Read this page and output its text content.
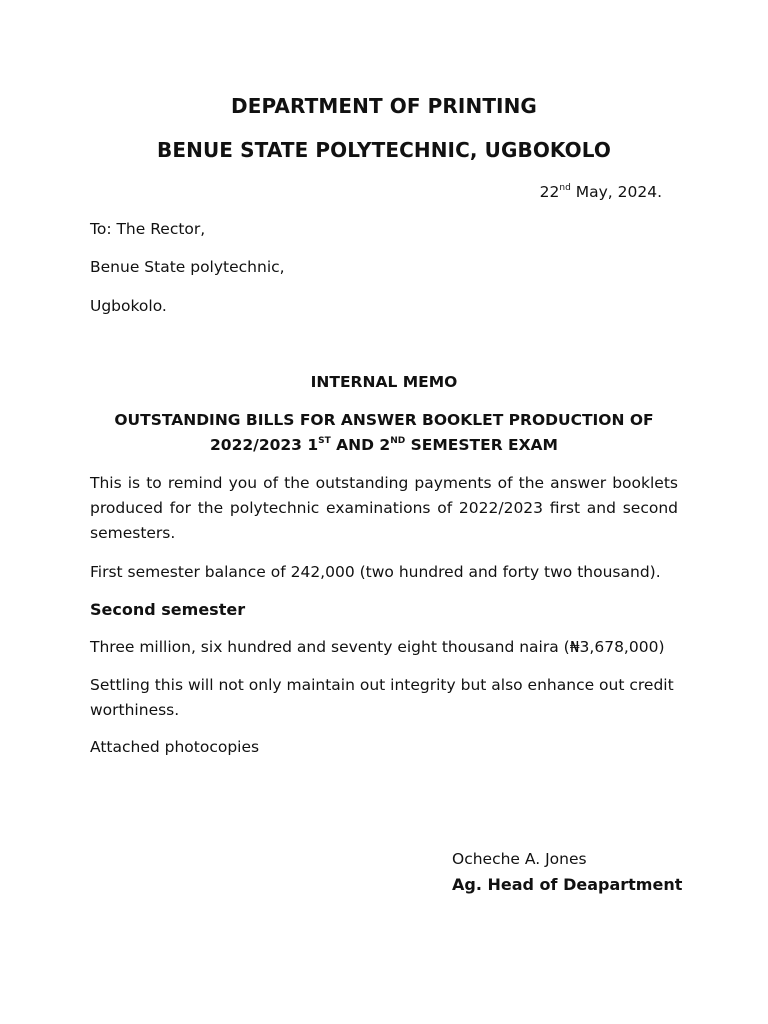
DEPARTMENT OF PRINTING
BENUE STATE POLYTECHNIC, UGBOKOLO
22nd May, 2024.
To: The Rector,
Benue State polytechnic,
Ugbokolo.
INTERNAL MEMO
OUTSTANDING BILLS FOR ANSWER BOOKLET PRODUCTION OF 2022/2023 1ST AND 2ND SEMESTER EXAM
This is to remind you of the outstanding payments of the answer booklets produced for the polytechnic examinations of 2022/2023 first and second semesters.
First semester balance of 242,000 (two hundred and forty two thousand).
Second semester
Three million, six hundred and seventy eight thousand naira (₦3,678,000)
Settling this will not only maintain out integrity but also enhance out credit worthiness.
Attached photocopies
Ocheche A. Jones
Ag. Head of Deapartment
